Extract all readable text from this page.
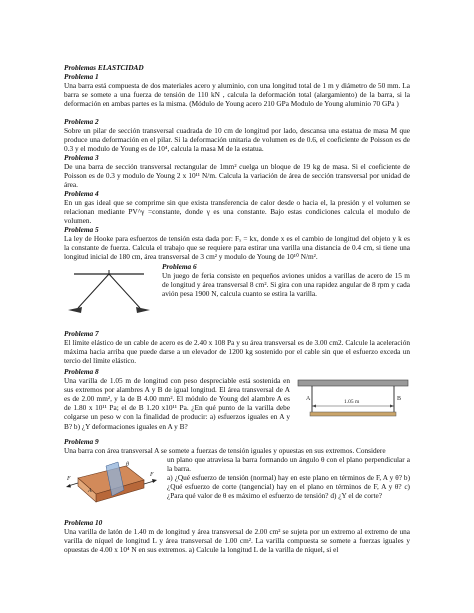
Problemas ELASTCIDAD
Problema 1

Una barra está compuesta de dos materiales acero y aluminio, con una longitud total de 1 m y diámetro de 50 mm. La barra se somete a una fuerza de tensión de 110 kN , calcula la deformación total (alargamiento) de la barra, si la deformación en ambas partes es la misma. (Módulo de Young acero 210 GPa Modulo de Young aluminio 70 GPa )

Problema 2

Sobre un pilar de sección transversal cuadrada de 10 cm de longitud por lado, descansa una estatua de masa M que produce una deformación en el pilar. Si la deformación unitaria de volumen es de 0.6, el coeficiente de Poisson es de 0.3 y el modulo de Young es de 10⁴, calcula la masa M de la estatua.

Problema 3

De una barra de sección transversal rectangular de 1mm² cuelga un bloque de 19 kg de masa. Si el coeficiente de Poisson es de 0.3 y modulo de Young 2 x 10¹¹ N/m. Calcula la variación de área de sección transversal por unidad de área.

Problema 4

En un gas ideal que se comprime sin que exista transferencia de calor desde o hacia el, la presión y el volumen se relacionan mediante PV^γ =constante, donde γ es una constante. Bajo estas condiciones calcula el modulo de volumen.

Problema 5

La ley de Hooke para esfuerzos de tensión esta dada por: Fₓ = kx, donde x es el cambio de longitud del objeto y k es la constante de fuerza. Calcula el trabajo que se requiere para estirar una varilla una distancia de 0.4 cm, si tiene una longitud inicial de 180 cm, área transversal de 3 cm² y modulo de Young de 10¹⁰ N/m².

Problema 6

Un juego de feria consiste en pequeños aviones unidos a varillas de acero de 15 m de longitud y área transversal 8 cm². Si gira con una rapidez angular de 8 rpm y cada avión pesa 1900 N, calcula cuanto se estira la varilla.

Problema 7

El límite elástico de un cable de acero es de 2.40 x 108 Pa y su área transversal es de 3.00 cm2. Calcule la aceleración máxima hacia arriba que puede darse a un elevador de 1200 kg sostenido por el cable sin que el esfuerzo exceda un tercio del límite elástico.

Problema 8

Una varilla de 1.05 m de longitud con peso despreciable está sostenida en sus extremos por alambres A y B de igual longitud. El área transversal de A es de 2.00 mm², y la de B 4.00 mm². El módulo de Young del alambre A es de 1.80 x 10¹¹ Pa; el de B 1.20 x10¹¹ Pa. ¿En qué punto de la varilla debe colgarse un peso w con la finalidad de producir: a) esfuerzos iguales en A y B? b) ¿Y deformaciones iguales en A y B?

A	B
1.05 m
Problema 9

Una barra con área transversal A se somete a fuerzas de tensión iguales y opuestas en sus extremos. Considere

F
F
A
θ

un plano que atraviesa la barra formando un ángulo θ con el plano perpendicular a la barra.

a) ¿Qué esfuerzo de tensión (normal) hay en este plano en términos de F, A y θ? b) ¿Qué esfuerzo de corte (tangencial) hay en el plano en términos de F, A y θ? c) ¿Para qué valor de θ es máximo el esfuerzo de tensión? d) ¿Y el de corte?

Problema 10

Una varilla de latón de 1.40 m de longitud y área transversal de 2.00 cm² se sujeta por un extremo al extremo de una varilla de níquel de longitud L y área transversal de 1.00 cm². La varilla compuesta se somete a fuerzas iguales y opuestas de 4.00 x 10⁴ N en sus extremos. a) Calcule la longitud L de la varilla de níquel, si el
